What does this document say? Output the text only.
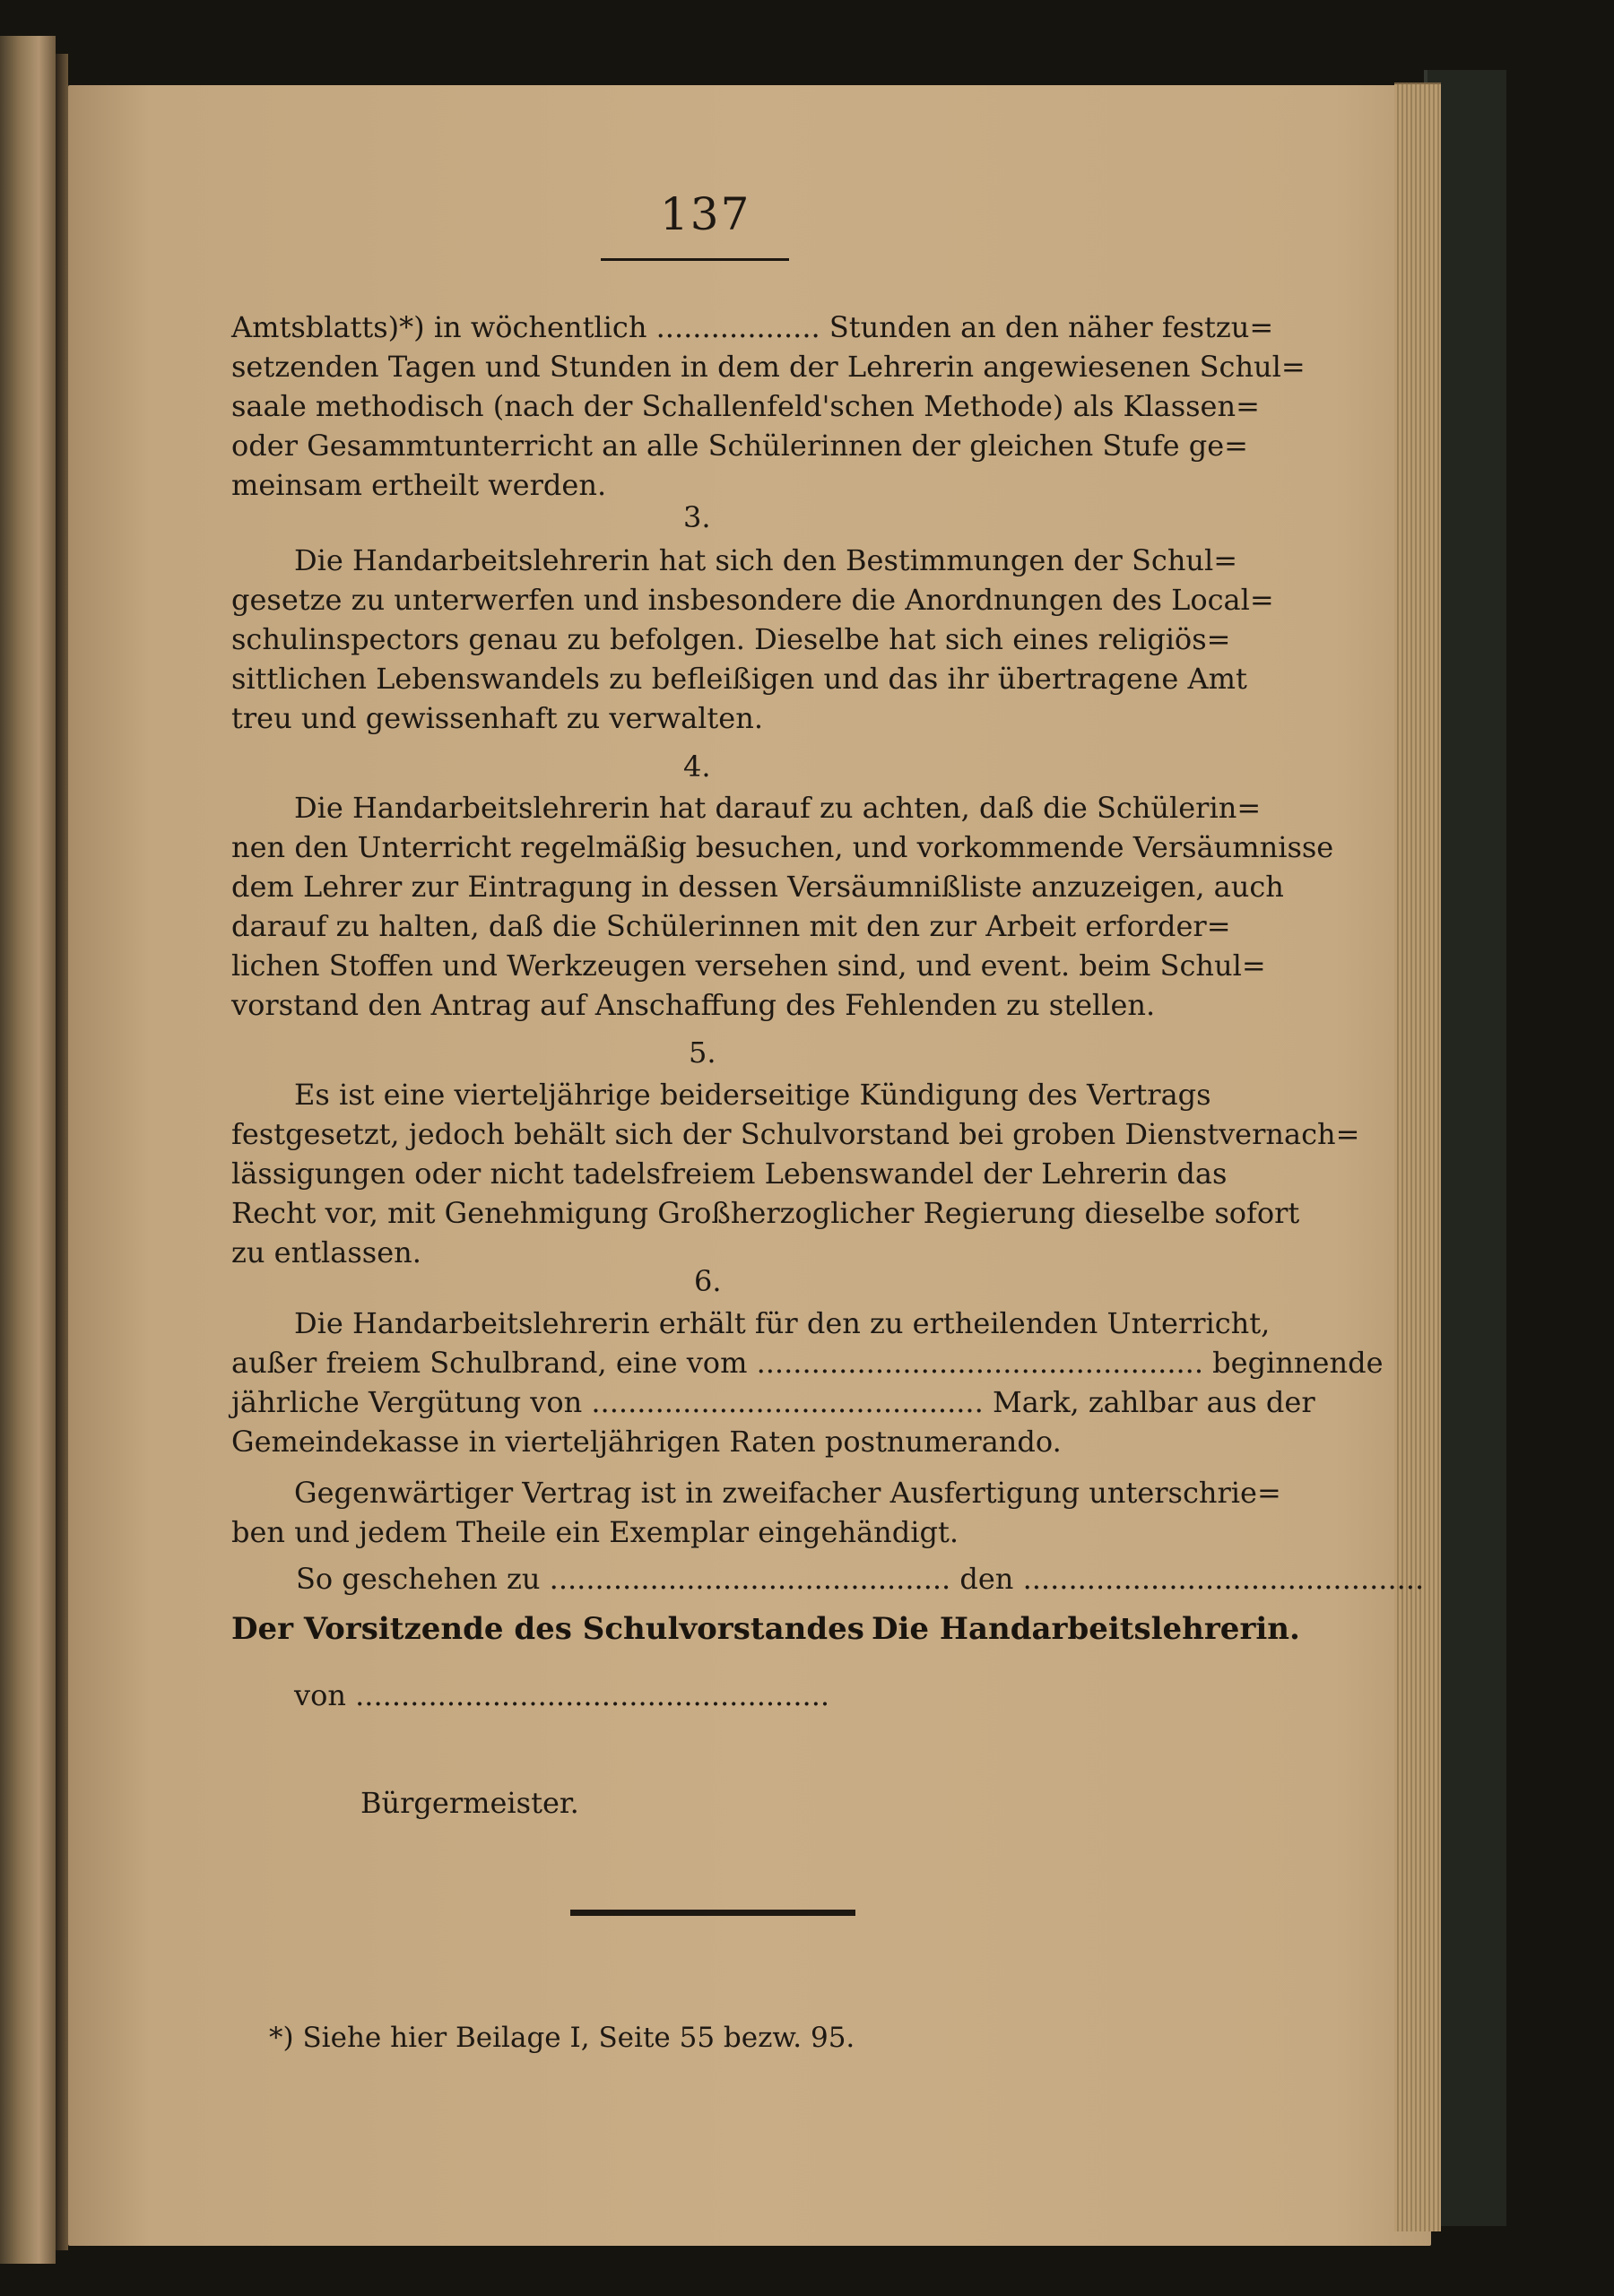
137
Amtsblatts)*) in wöchentlich .................. Stunden an den näher festzu=
setzenden Tagen und Stunden in dem der Lehrerin angewiesenen Schul=
saale methodisch (nach der Schallenfeld'schen Methode) als Klassen=
oder Gesammtunterricht an alle Schülerinnen der gleichen Stufe ge=
meinsam ertheilt werden.
3.
Die Handarbeitslehrerin hat sich den Bestimmungen der Schul=
gesetze zu unterwerfen und insbesondere die Anordnungen des Local=
schulinspectors genau zu befolgen. Dieselbe hat sich eines religiös=
sittlichen Lebenswandels zu befleißigen und das ihr übertragene Amt
treu und gewissenhaft zu verwalten.
4.
Die Handarbeitslehrerin hat darauf zu achten, daß die Schülerin=
nen den Unterricht regelmäßig besuchen, und vorkommende Versäumnisse
dem Lehrer zur Eintragung in dessen Versäumnißliste anzuzeigen, auch
darauf zu halten, daß die Schülerinnen mit den zur Arbeit erforder=
lichen Stoffen und Werkzeugen versehen sind, und event. beim Schul=
vorstand den Antrag auf Anschaffung des Fehlenden zu stellen.
5.
Es ist eine vierteljährige beiderseitige Kündigung des Vertrags
festgesetzt, jedoch behält sich der Schulvorstand bei groben Dienstvernach=
lässigungen oder nicht tadelsfreiem Lebenswandel der Lehrerin das
Recht vor, mit Genehmigung Großherzoglicher Regierung dieselbe sofort
zu entlassen.
6.
Die Handarbeitslehrerin erhält für den zu ertheilenden Unterricht,
außer freiem Schulbrand, eine vom ................................................. beginnende
jährliche Vergütung von ........................................... Mark, zahlbar aus der
Gemeindekasse in vierteljährigen Raten postnumerando.
Gegenwärtiger Vertrag ist in zweifacher Ausfertigung unterschrie=
ben und jedem Theile ein Exemplar eingehändigt.
So geschehen zu ............................................ den ............................................
Der Vorsitzende des Schulvorstandes Die Handarbeitslehrerin.
von ....................................................
Bürgermeister.
*) Siehe hier Beilage I, Seite 55 bezw. 95.
